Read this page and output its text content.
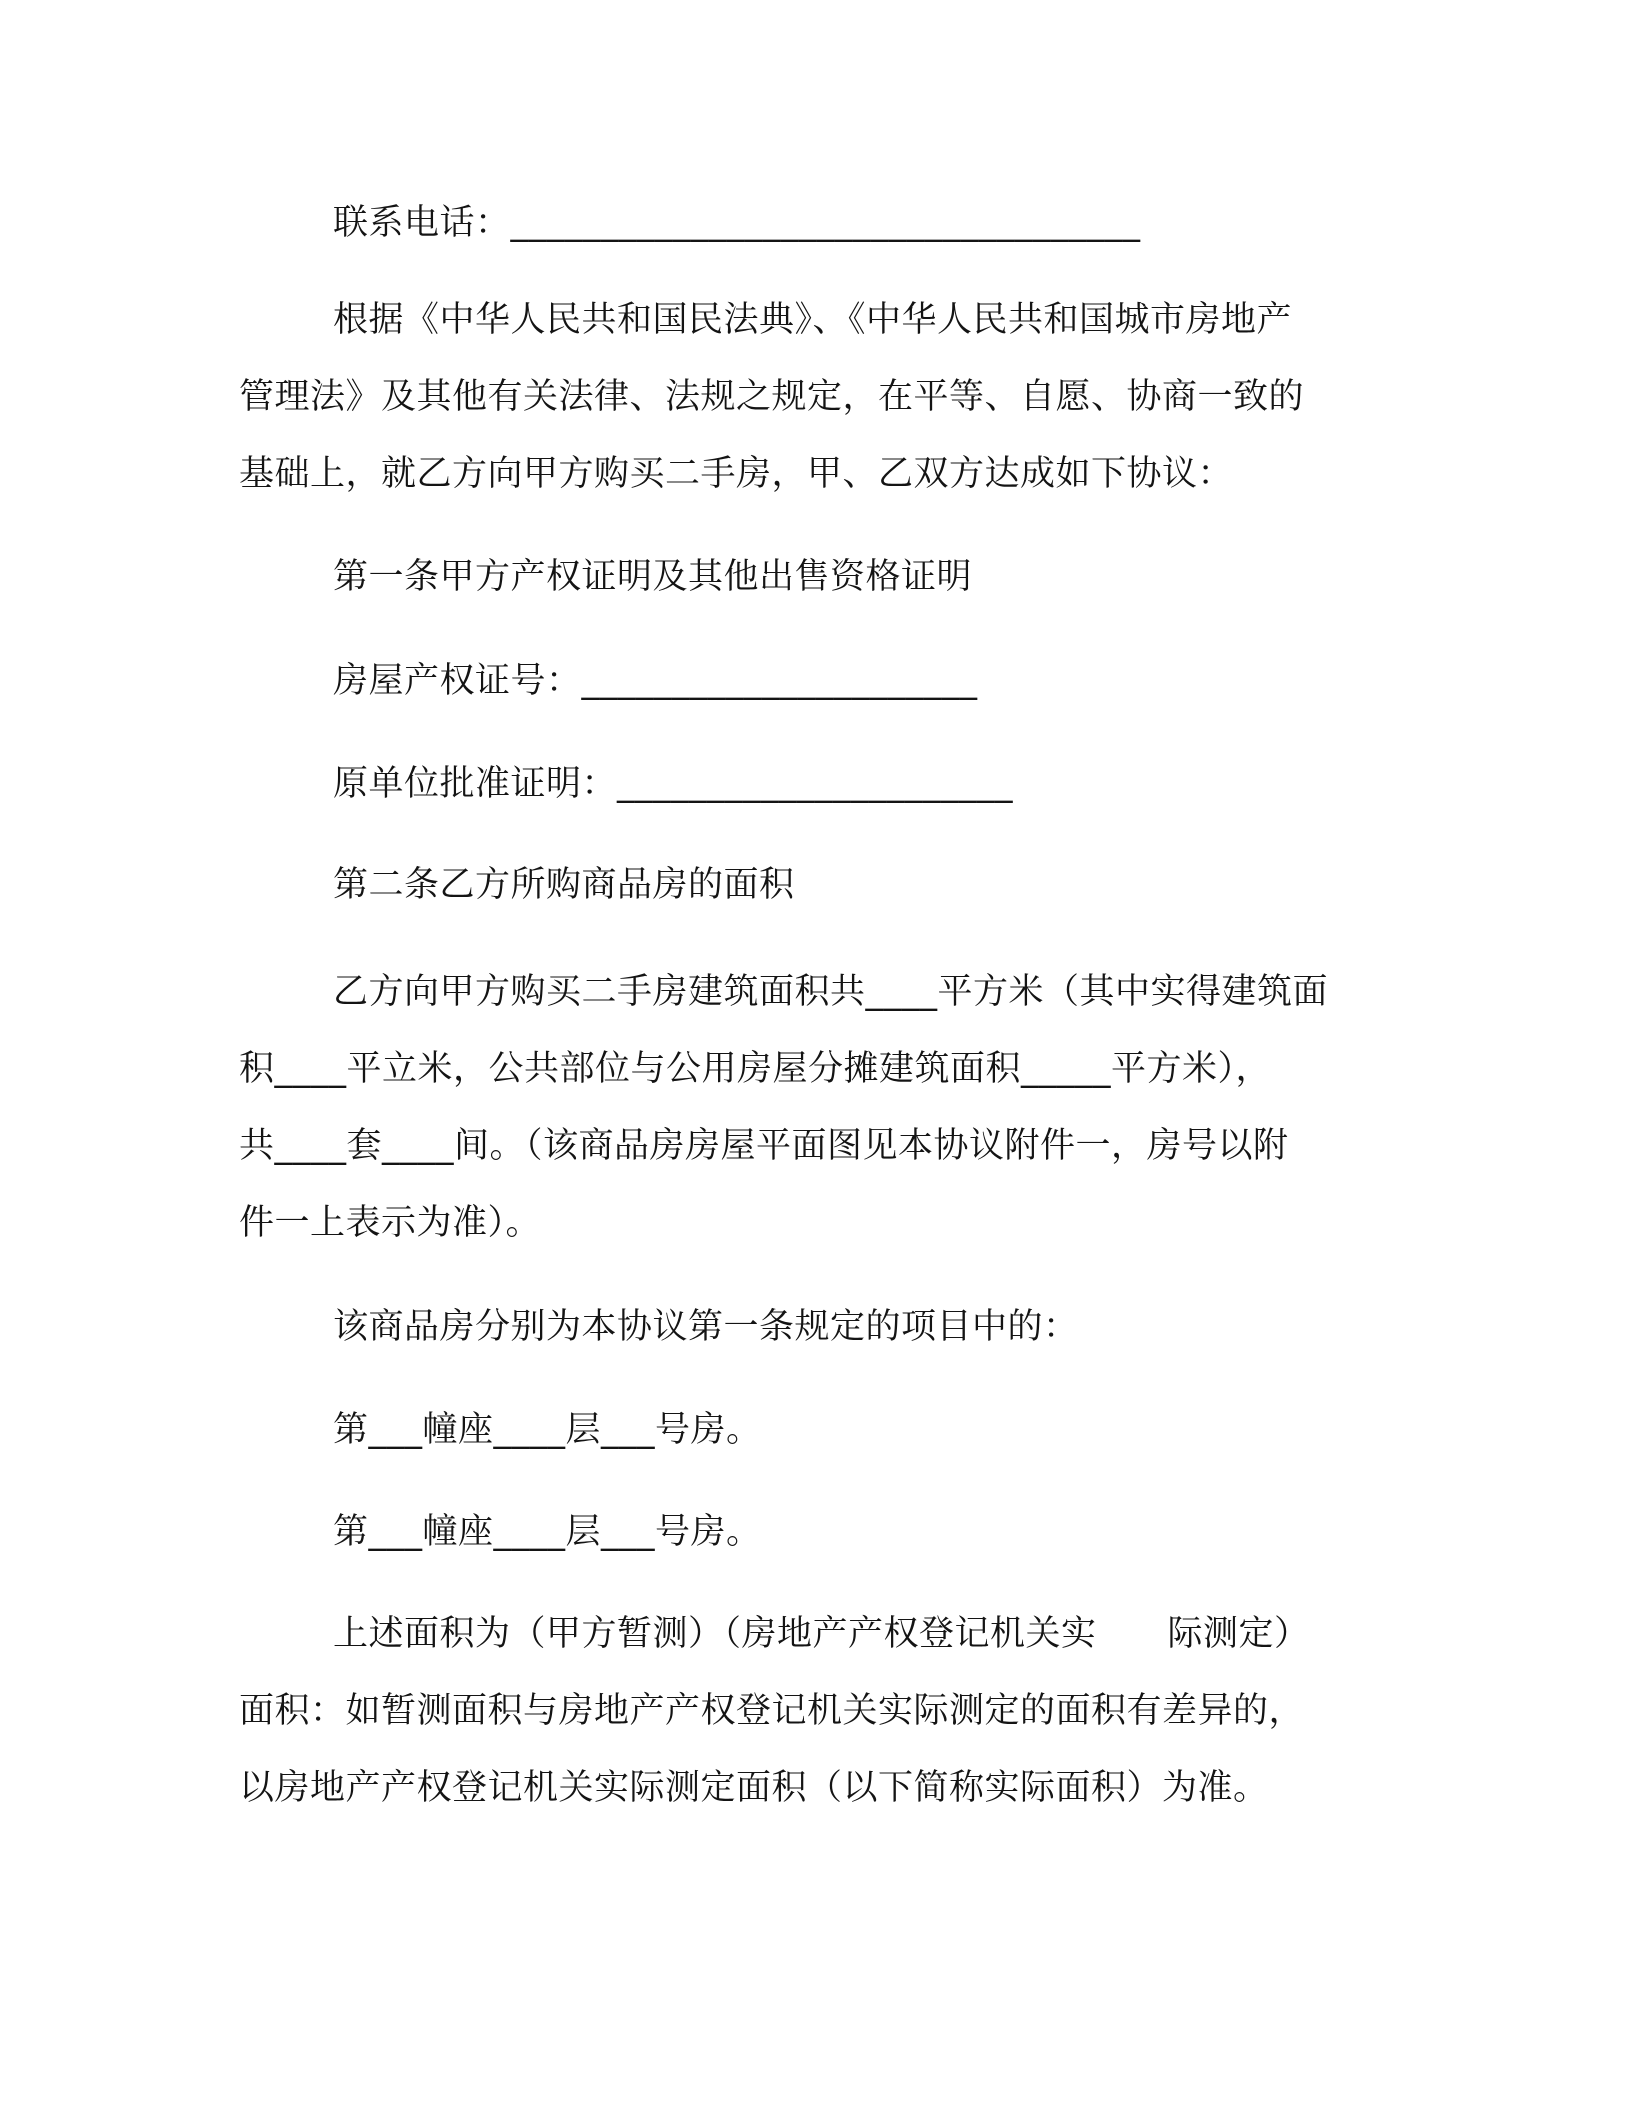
联系电话：___________________________________
根据《中华人民共和国民法典》、《中华人民共和国城市房地产
管理法》及其他有关法律、法规之规定，在平等、自愿、协商一致的
基础上，就乙方向甲方购买二手房，甲、乙双方达成如下协议：
第一条甲方产权证明及其他出售资格证明
房屋产权证号：______________________
原单位批准证明：______________________
第二条乙方所购商品房的面积
乙方向甲方购买二手房建筑面积共____平方米（其中实得建筑面
积____平立米，公共部位与公用房屋分摊建筑面积_____平方米），
共____套____间。（该商品房房屋平面图见本协议附件一，房号以附
件一上表示为准）。
该商品房分别为本协议第一条规定的项目中的：
第___幢座____层___号房。
第___幢座____层___号房。
上述面积为（甲方暂测）（房地产产权登记机关实　　际测定）
面积：如暂测面积与房地产产权登记机关实际测定的面积有差异的，
以房地产产权登记机关实际测定面积（以下简称实际面积）为准。
